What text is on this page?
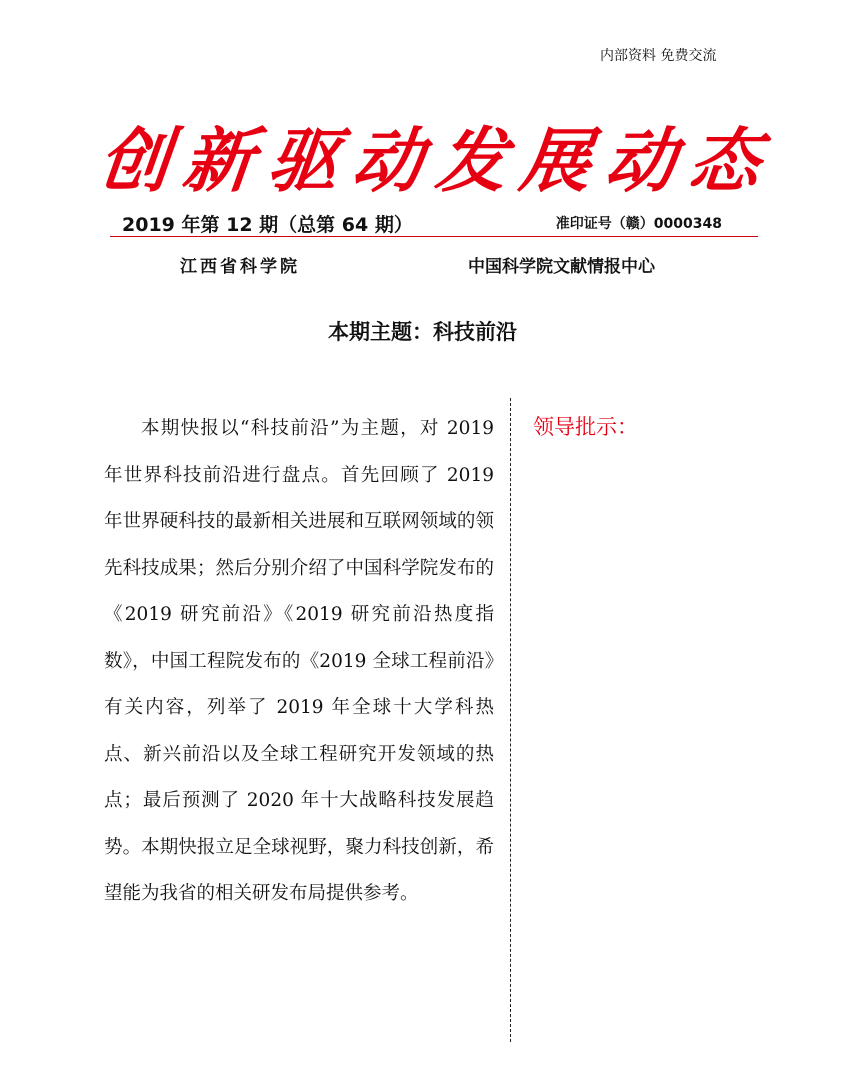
内部资料 免费交流
创 新 驱 动 发 展 动 态
2019 年第 12 期（总第 64 期）	准印证号（赣）0000348
江西省科学院	中国科学院文献情报中心
本期主题：科技前沿
本期快报以“科技前沿”为主题，对 2019 年世界科技前沿进行盘点。首先回顾了 2019 年世界硬科技的最新相关进展和互联网领域的领先科技成果；然后分别介绍了中国科学院发布的《2019 研究前沿》《2019 研究前沿热度指数》，中国工程院发布的《2019 全球工程前沿》有关内容，列举了 2019 年全球十大学科热点、新兴前沿以及全球工程研究开发领域的热点；最后预测了 2020 年十大战略科技发展趋势。本期快报立足全球视野，聚力科技创新，希望能为我省的相关研发布局提供参考。
领导批示：
